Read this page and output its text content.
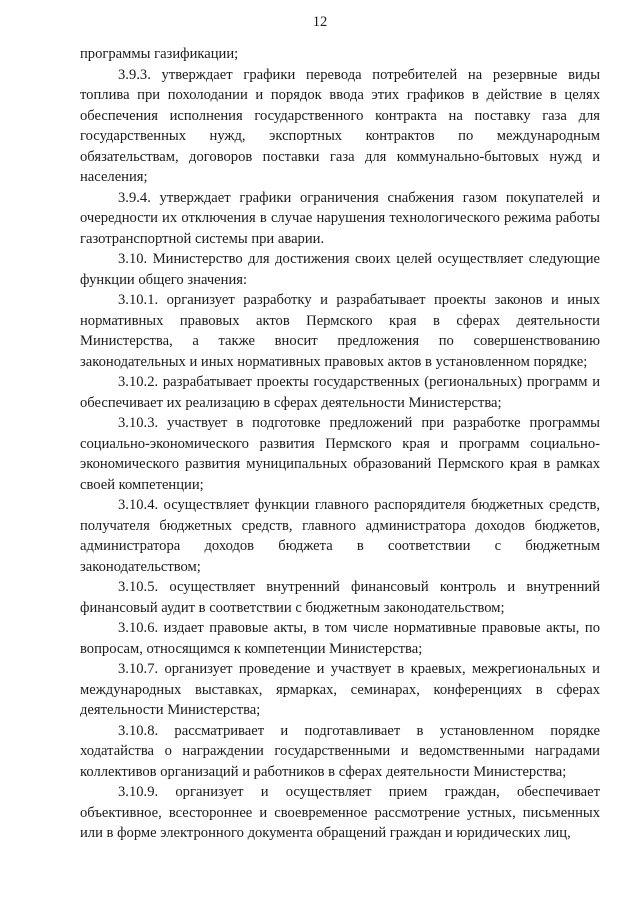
12

программы газификации;

3.9.3. утверждает графики перевода потребителей на резервные виды топлива при похолодании и порядок ввода этих графиков в действие в целях обеспечения исполнения государственного контракта на поставку газа для государственных нужд, экспортных контрактов по международным обязательствам, договоров поставки газа для коммунально-бытовых нужд и населения;

3.9.4. утверждает графики ограничения снабжения газом покупателей и очередности их отключения в случае нарушения технологического режима работы газотранспортной системы при аварии.

3.10. Министерство для достижения своих целей осуществляет следующие функции общего значения:

3.10.1. организует разработку и разрабатывает проекты законов и иных нормативных правовых актов Пермского края в сферах деятельности Министерства, а также вносит предложения по совершенствованию законодательных и иных нормативных правовых актов в установленном порядке;

3.10.2. разрабатывает проекты государственных (региональных) программ и обеспечивает их реализацию в сферах деятельности Министерства;

3.10.3. участвует в подготовке предложений при разработке программы социально-экономического развития Пермского края и программ социально-экономического развития муниципальных образований Пермского края в рамках своей компетенции;

3.10.4. осуществляет функции главного распорядителя бюджетных средств, получателя бюджетных средств, главного администратора доходов бюджетов, администратора доходов бюджета в соответствии с бюджетным законодательством;

3.10.5. осуществляет внутренний финансовый контроль и внутренний финансовый аудит в соответствии с бюджетным законодательством;

3.10.6. издает правовые акты, в том числе нормативные правовые акты, по вопросам, относящимся к компетенции Министерства;

3.10.7. организует проведение и участвует в краевых, межрегиональных и международных выставках, ярмарках, семинарах, конференциях в сферах деятельности Министерства;

3.10.8. рассматривает и подготавливает в установленном порядке ходатайства о награждении государственными и ведомственными наградами коллективов организаций и работников в сферах деятельности Министерства;

3.10.9. организует и осуществляет прием граждан, обеспечивает объективное, всестороннее и своевременное рассмотрение устных, письменных или в форме электронного документа обращений граждан и юридических лиц,
